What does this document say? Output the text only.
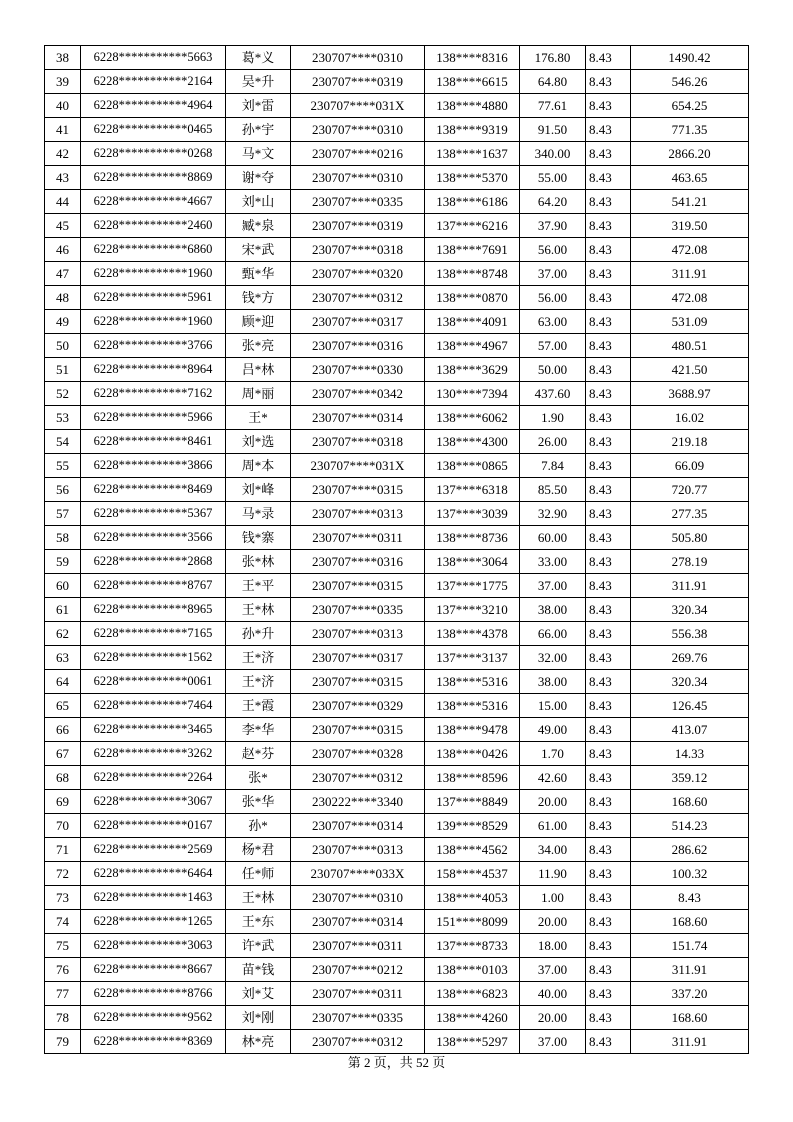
38	6228***********5663	葛*义	230707****0310	138****8316	176.80	8.43	1490.42
39	6228***********2164	吴*升	230707****0319	138****6615	64.80	8.43	546.26
40	6228***********4964	刘*雷	230707****031X	138****4880	77.61	8.43	654.25
41	6228***********0465	孙*宇	230707****0310	138****9319	91.50	8.43	771.35
42	6228***********0268	马*文	230707****0216	138****1637	340.00	8.43	2866.20
43	6228***********8869	谢*夺	230707****0310	138****5370	55.00	8.43	463.65
44	6228***********4667	刘*山	230707****0335	138****6186	64.20	8.43	541.21
45	6228***********2460	臧*泉	230707****0319	137****6216	37.90	8.43	319.50
46	6228***********6860	宋*武	230707****0318	138****7691	56.00	8.43	472.08
47	6228***********1960	甄*华	230707****0320	138****8748	37.00	8.43	311.91
48	6228***********5961	钱*方	230707****0312	138****0870	56.00	8.43	472.08
49	6228***********1960	顾*迎	230707****0317	138****4091	63.00	8.43	531.09
50	6228***********3766	张*亮	230707****0316	138****4967	57.00	8.43	480.51
51	6228***********8964	吕*林	230707****0330	138****3629	50.00	8.43	421.50
52	6228***********7162	周*丽	230707****0342	130****7394	437.60	8.43	3688.97
53	6228***********5966	王*	230707****0314	138****6062	1.90	8.43	16.02
54	6228***********8461	刘*选	230707****0318	138****4300	26.00	8.43	219.18
55	6228***********3866	周*本	230707****031X	138****0865	7.84	8.43	66.09
56	6228***********8469	刘*峰	230707****0315	137****6318	85.50	8.43	720.77
57	6228***********5367	马*录	230707****0313	137****3039	32.90	8.43	277.35
58	6228***********3566	钱*寨	230707****0311	138****8736	60.00	8.43	505.80
59	6228***********2868	张*林	230707****0316	138****3064	33.00	8.43	278.19
60	6228***********8767	王*平	230707****0315	137****1775	37.00	8.43	311.91
61	6228***********8965	王*林	230707****0335	137****3210	38.00	8.43	320.34
62	6228***********7165	孙*升	230707****0313	138****4378	66.00	8.43	556.38
63	6228***********1562	王*济	230707****0317	137****3137	32.00	8.43	269.76
64	6228***********0061	王*济	230707****0315	138****5316	38.00	8.43	320.34
65	6228***********7464	王*霞	230707****0329	138****5316	15.00	8.43	126.45
66	6228***********3465	李*华	230707****0315	138****9478	49.00	8.43	413.07
67	6228***********3262	赵*芬	230707****0328	138****0426	1.70	8.43	14.33
68	6228***********2264	张*	230707****0312	138****8596	42.60	8.43	359.12
69	6228***********3067	张*华	230222****3340	137****8849	20.00	8.43	168.60
70	6228***********0167	孙*	230707****0314	139****8529	61.00	8.43	514.23
71	6228***********2569	杨*君	230707****0313	138****4562	34.00	8.43	286.62
72	6228***********6464	任*师	230707****033X	158****4537	11.90	8.43	100.32
73	6228***********1463	王*林	230707****0310	138****4053	1.00	8.43	8.43
74	6228***********1265	王*东	230707****0314	151****8099	20.00	8.43	168.60
75	6228***********3063	许*武	230707****0311	137****8733	18.00	8.43	151.74
76	6228***********8667	苗*钱	230707****0212	138****0103	37.00	8.43	311.91
77	6228***********8766	刘*艾	230707****0311	138****6823	40.00	8.43	337.20
78	6228***********9562	刘*刚	230707****0335	138****4260	20.00	8.43	168.60
79	6228***********8369	林*亮	230707****0312	138****5297	37.00	8.43	311.91
第 2 页，共 52 页
